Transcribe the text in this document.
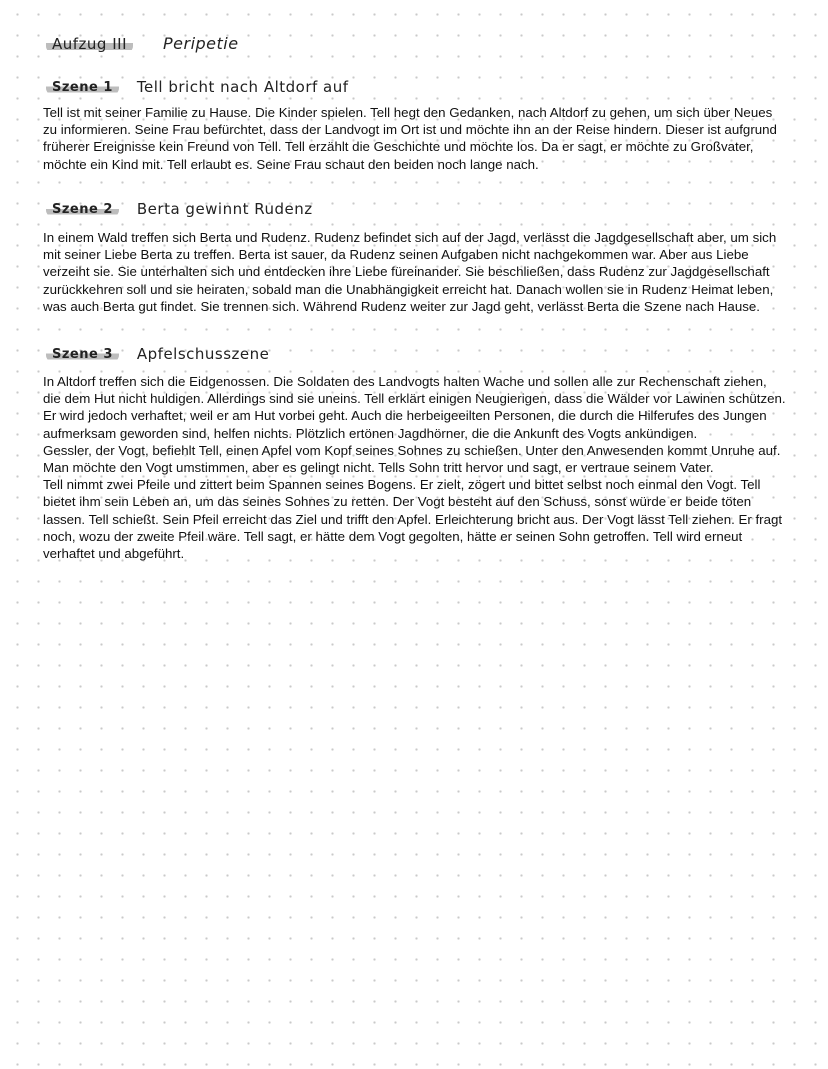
Aufzug III	Peripetie
Szene 1	Tell bricht nach Altdorf auf
Tell ist mit seiner Familie zu Hause. Die Kinder spielen. Tell hegt den Gedanken, nach Altdorf zu gehen, um sich über Neues zu informieren. Seine Frau befürchtet, dass der Landvogt im Ort ist und möchte ihn an der Reise hindern. Dieser ist aufgrund früherer Ereignisse kein Freund von Tell. Tell erzählt die Geschichte und möchte los. Da er sagt, er möchte zu Großvater, möchte ein Kind mit. Tell erlaubt es. Seine Frau schaut den beiden noch lange nach.
Szene 2	Berta gewinnt Rudenz
In einem Wald treffen sich Berta und Rudenz. Rudenz befindet sich auf der Jagd, verlässt die Jagdgesellschaft aber, um sich mit seiner Liebe Berta zu treffen. Berta ist sauer, da Rudenz seinen Aufgaben nicht nachgekommen war. Aber aus Liebe verzeiht sie. Sie unterhalten sich und entdecken ihre Liebe füreinander. Sie beschließen, dass Rudenz zur Jagdgesellschaft zurückkehren soll und sie heiraten, sobald man die Unabhängigkeit erreicht hat. Danach wollen sie in Rudenz Heimat leben, was auch Berta gut findet. Sie trennen sich. Während Rudenz weiter zur Jagd geht, verlässt Berta die Szene nach Hause.
Szene 3	Apfelschusszene
In Altdorf treffen sich die Eidgenossen. Die Soldaten des Landvogts halten Wache und sollen alle zur Rechenschaft ziehen, die dem Hut nicht huldigen. Allerdings sind sie uneins. Tell erklärt einigen Neugierigen, dass die Wälder vor Lawinen schützen. Er wird jedoch verhaftet, weil er am Hut vorbei geht. Auch die herbeigeeilten Personen, die durch die Hilferufes des Jungen aufmerksam geworden sind, helfen nichts. Plötzlich ertönen Jagdhörner, die die Ankunft des Vogts ankündigen.
Gessler, der Vogt, befiehlt Tell, einen Apfel vom Kopf seines Sohnes zu schießen. Unter den Anwesenden kommt Unruhe auf. Man möchte den Vogt umstimmen, aber es gelingt nicht. Tells Sohn tritt hervor und sagt, er vertraue seinem Vater.
Tell nimmt zwei Pfeile und zittert beim Spannen seines Bogens. Er zielt, zögert und bittet selbst noch einmal den Vogt. Tell bietet ihm sein Leben an, um das seines Sohnes zu retten. Der Vogt besteht auf den Schuss, sonst würde er beide töten lassen. Tell schießt. Sein Pfeil erreicht das Ziel und trifft den Apfel. Erleichterung bricht aus. Der Vogt lässt Tell ziehen. Er fragt noch, wozu der zweite Pfeil wäre. Tell sagt, er hätte dem Vogt gegolten, hätte er seinen Sohn getroffen. Tell wird erneut verhaftet und abgeführt.
